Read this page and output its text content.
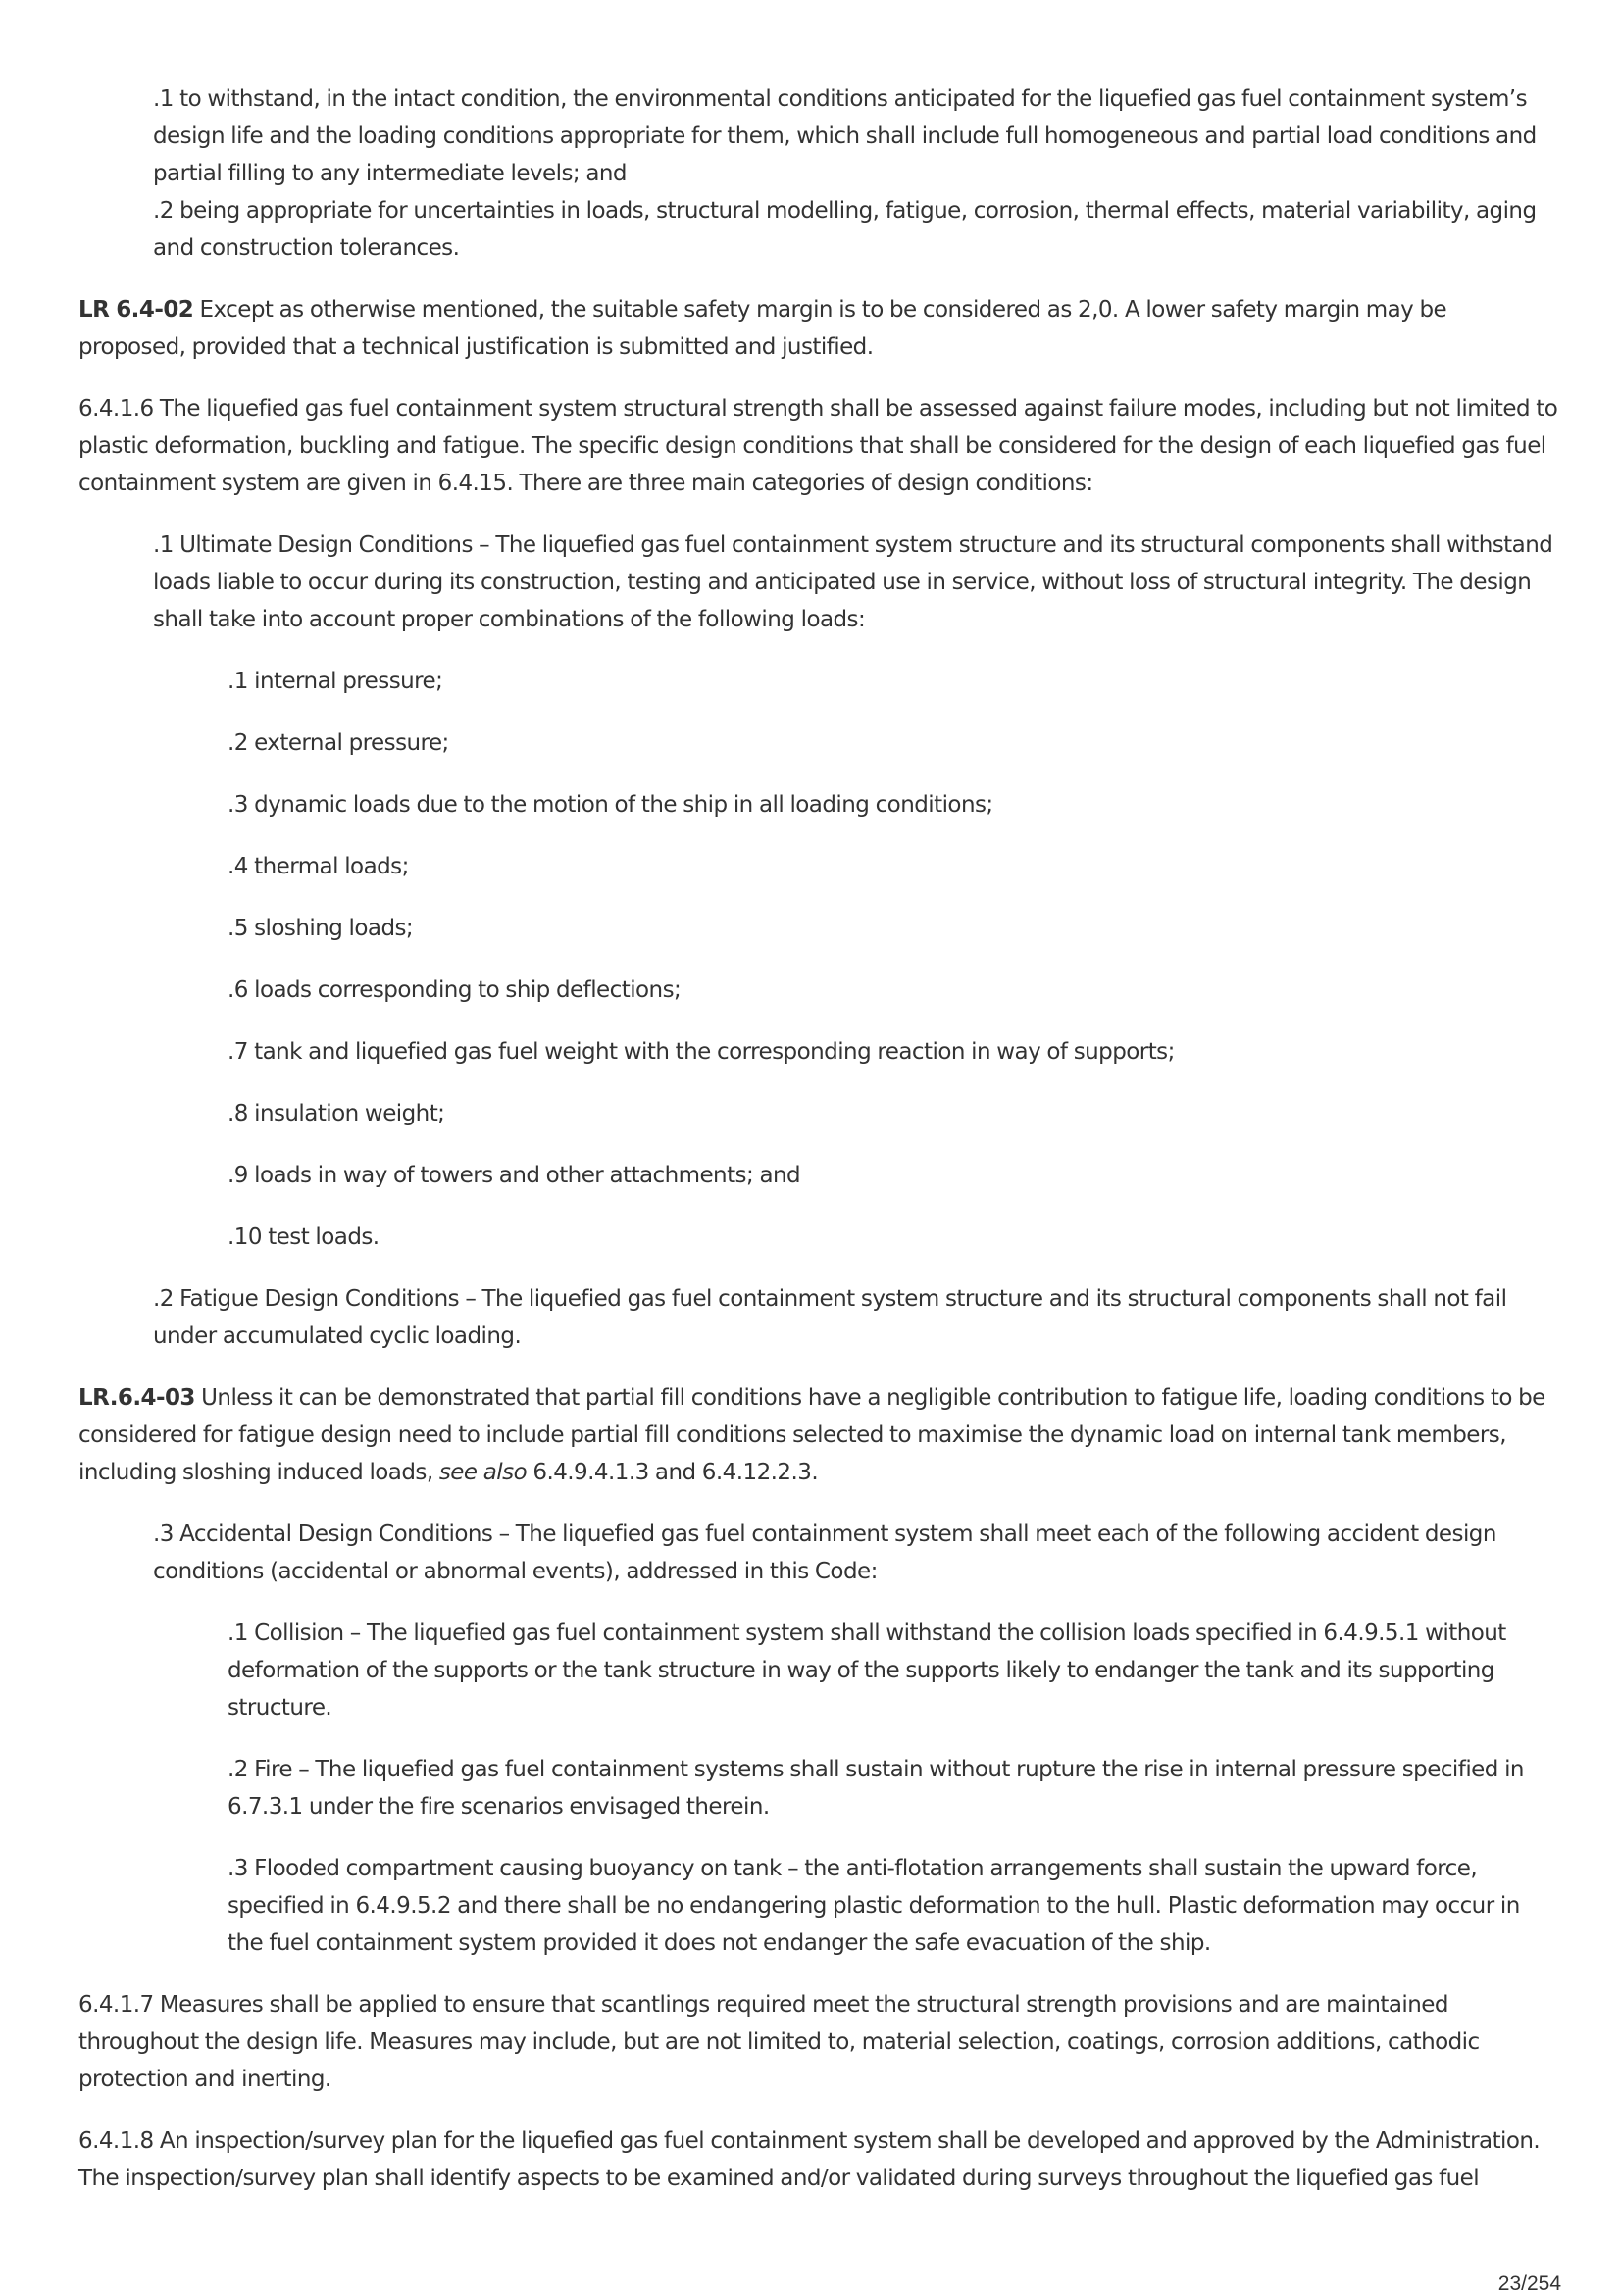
.1 to withstand, in the intact condition, the environmental conditions anticipated for the liquefied gas fuel containment system’s design life and the loading conditions appropriate for them, which shall include full homogeneous and partial load conditions and partial filling to any intermediate levels; and

.2 being appropriate for uncertainties in loads, structural modelling, fatigue, corrosion, thermal effects, material variability, aging and construction tolerances.

LR 6.4-02 Except as otherwise mentioned, the suitable safety margin is to be considered as 2,0. A lower safety margin may be proposed, provided that a technical justification is submitted and justified.

6.4.1.6 The liquefied gas fuel containment system structural strength shall be assessed against failure modes, including but not limited to plastic deformation, buckling and fatigue. The specific design conditions that shall be considered for the design of each liquefied gas fuel containment system are given in 6.4.15. There are three main categories of design conditions:

.1 Ultimate Design Conditions – The liquefied gas fuel containment system structure and its structural components shall withstand loads liable to occur during its construction, testing and anticipated use in service, without loss of structural integrity. The design shall take into account proper combinations of the following loads:

.1 internal pressure;

.2 external pressure;

.3 dynamic loads due to the motion of the ship in all loading conditions;

.4 thermal loads;

.5 sloshing loads;

.6 loads corresponding to ship deflections;

.7 tank and liquefied gas fuel weight with the corresponding reaction in way of supports;

.8 insulation weight;

.9 loads in way of towers and other attachments; and

.10 test loads.

.2 Fatigue Design Conditions – The liquefied gas fuel containment system structure and its structural components shall not fail under accumulated cyclic loading.

LR.6.4-03 Unless it can be demonstrated that partial fill conditions have a negligible contribution to fatigue life, loading conditions to be considered for fatigue design need to include partial fill conditions selected to maximise the dynamic load on internal tank members, including sloshing induced loads, see also 6.4.9.4.1.3 and 6.4.12.2.3.

.3 Accidental Design Conditions – The liquefied gas fuel containment system shall meet each of the following accident design conditions (accidental or abnormal events), addressed in this Code:

.1 Collision – The liquefied gas fuel containment system shall withstand the collision loads specified in 6.4.9.5.1 without deformation of the supports or the tank structure in way of the supports likely to endanger the tank and its supporting structure.

.2 Fire – The liquefied gas fuel containment systems shall sustain without rupture the rise in internal pressure specified in 6.7.3.1 under the fire scenarios envisaged therein.

.3 Flooded compartment causing buoyancy on tank – the anti-flotation arrangements shall sustain the upward force, specified in 6.4.9.5.2 and there shall be no endangering plastic deformation to the hull. Plastic deformation may occur in the fuel containment system provided it does not endanger the safe evacuation of the ship.

6.4.1.7 Measures shall be applied to ensure that scantlings required meet the structural strength provisions and are maintained throughout the design life. Measures may include, but are not limited to, material selection, coatings, corrosion additions, cathodic protection and inerting.

6.4.1.8 An inspection/survey plan for the liquefied gas fuel containment system shall be developed and approved by the Administration. The inspection/survey plan shall identify aspects to be examined and/or validated during surveys throughout the liquefied gas fuel

23/254
